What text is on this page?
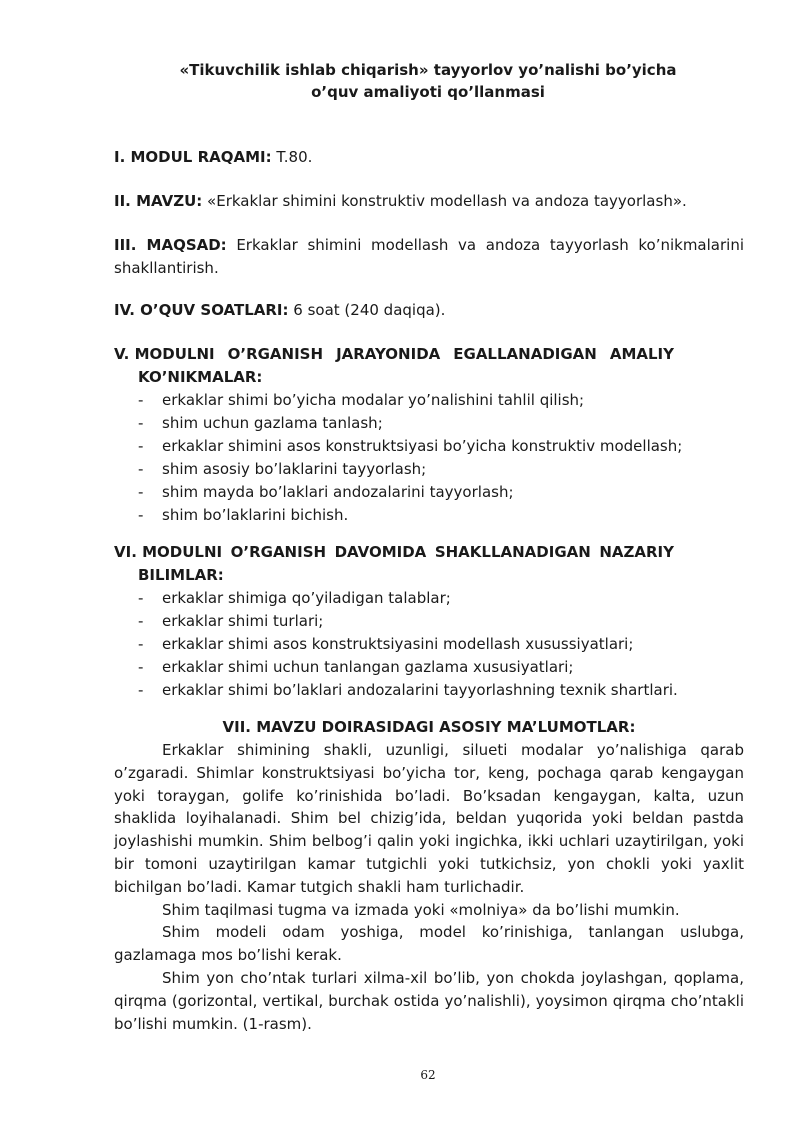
«Tikuvchilik ishlab chiqarish» tayyorlov yo’nalishi bo’yicha
o’quv amaliyoti qo’llanmasi
I. MODUL RAQAMI: T.80.
II. MAVZU: «Erkaklar shimini konstruktiv modellash va andoza tayyorlash».
III. MAQSAD: Erkaklar shimini modellash va andoza tayyorlash ko’nikmalarini shakllantirish.
IV. O’QUV SOATLARI: 6 soat (240 daqiqa).
V. MODULNI O’RGANISH JARAYONIDA EGALLANADIGAN AMALIY
KO’NIKMALAR:
- erkaklar shimi bo’yicha modalar yo’nalishini tahlil qilish;
- shim uchun gazlama tanlash;
- erkaklar shimini asos konstruktsiyasi bo’yicha konstruktiv modellash;
- shim asosiy bo’laklarini tayyorlash;
- shim mayda bo’laklari andozalarini tayyorlash;
- shim bo’laklarini bichish.
VI. MODULNI O’RGANISH DAVOMIDA SHAKLLANADIGAN NAZARIY
BILIMLAR:
- erkaklar shimiga qo’yiladigan talablar;
- erkaklar shimi turlari;
- erkaklar shimi asos konstruktsiyasini modellash xusussiyatlari;
- erkaklar shimi uchun tanlangan gazlama xususiyatlari;
- erkaklar shimi bo’laklari andozalarini tayyorlashning texnik shartlari.
VII. MAVZU DOIRASIDAGI ASOSIY MA’LUMOTLAR:

Erkaklar shimining shakli, uzunligi, silueti modalar yo’nalishiga qarab o’zgaradi. Shimlar konstruktsiyasi bo’yicha tor, keng, pochaga qarab kengaygan yoki toraygan, golife ko’rinishida bo’ladi. Bo’ksadan kengaygan, kalta, uzun shaklida loyihalanadi. Shim bel chizig’ida, beldan yuqorida yoki beldan pastda joylashishi mumkin. Shim belbog’i qalin yoki ingichka, ikki uchlari uzaytirilgan, yoki bir tomoni uzaytirilgan kamar tutgichli yoki tutkichsiz, yon chokli yoki yaxlit bichilgan bo’ladi. Kamar tutgich shakli ham turlichadir.

Shim taqilmasi tugma va izmada yoki «molniya» da bo’lishi mumkin.

Shim modeli odam yoshiga, model ko’rinishiga, tanlangan uslubga, gazlamaga mos bo’lishi kerak.

Shim yon cho’ntak turlari xilma-xil bo’lib, yon chokda joylashgan, qoplama, qirqma (gorizontal, vertikal, burchak ostida yo’nalishli), yoysimon qirqma cho’ntakli bo’lishi mumkin. (1-rasm).

62
